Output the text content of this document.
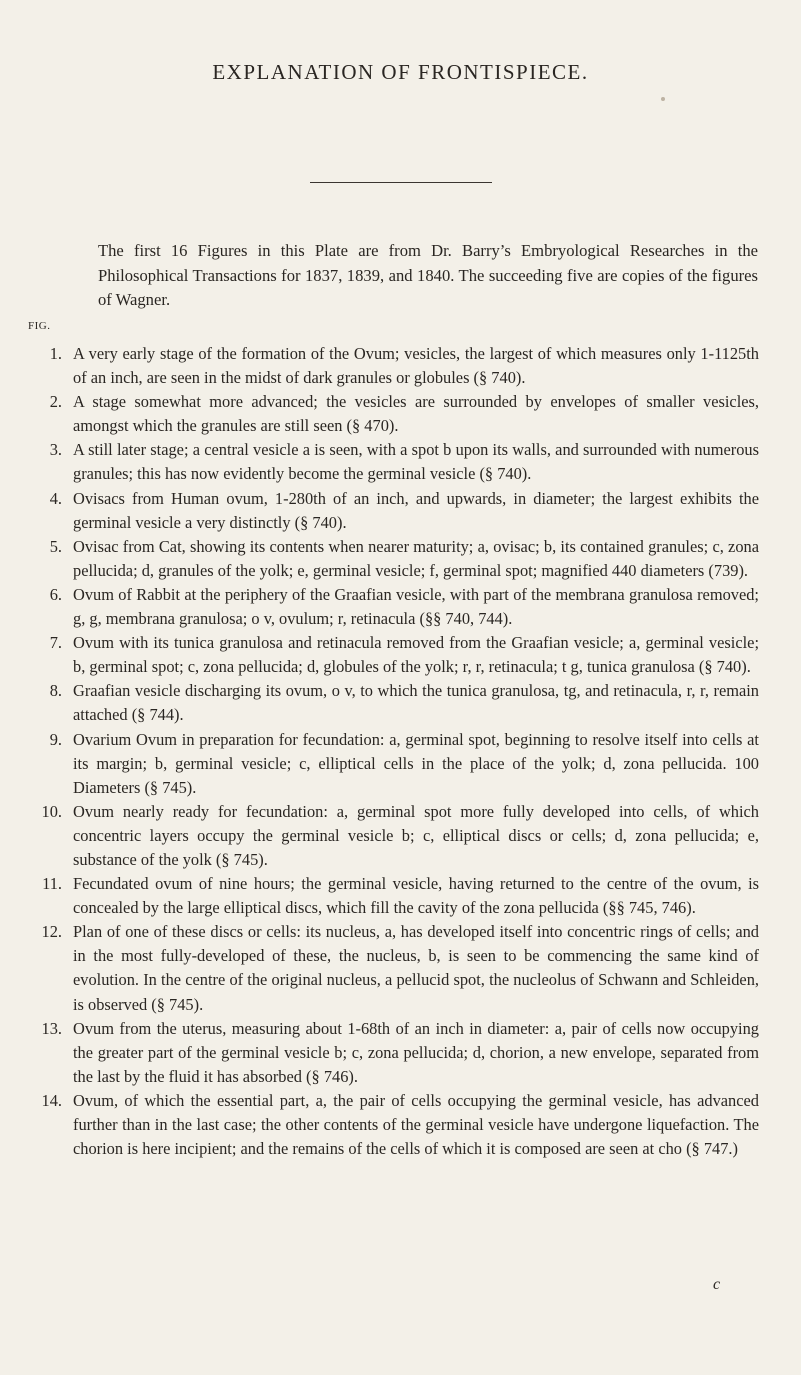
EXPLANATION OF FRONTISPIECE.
The first 16 Figures in this Plate are from Dr. Barry’s Embryological Researches in the Philosophical Transactions for 1837, 1839, and 1840. The succeeding five are copies of the figures of Wagner.
FIG.
1. A very early stage of the formation of the Ovum; vesicles, the largest of which measures only 1-1125th of an inch, are seen in the midst of dark granules or globules (§ 740).
2. A stage somewhat more advanced; the vesicles are surrounded by envelopes of smaller vesicles, amongst which the granules are still seen (§ 470).
3. A still later stage; a central vesicle a is seen, with a spot b upon its walls, and surrounded with numerous granules; this has now evidently become the germinal vesicle (§ 740).
4. Ovisacs from Human ovum, 1-280th of an inch, and upwards, in diameter; the largest exhibits the germinal vesicle a very distinctly (§ 740).
5. Ovisac from Cat, showing its contents when nearer maturity; a, ovisac; b, its contained granules; c, zona pellucida; d, granules of the yolk; e, germinal vesicle; f, germinal spot; magnified 440 diameters (739).
6. Ovum of Rabbit at the periphery of the Graafian vesicle, with part of the membrana granulosa removed; g, g, membrana granulosa; o v, ovulum; r, retinacula (§§ 740, 744).
7. Ovum with its tunica granulosa and retinacula removed from the Graafian vesicle; a, germinal vesicle; b, germinal spot; c, zona pellucida; d, globules of the yolk; r, r, retinacula; t g, tunica granulosa (§ 740).
8. Graafian vesicle discharging its ovum, o v, to which the tunica granulosa, tg, and retinacula, r, r, remain attached (§ 744).
9. Ovarium Ovum in preparation for fecundation: a, germinal spot, beginning to resolve itself into cells at its margin; b, germinal vesicle; c, elliptical cells in the place of the yolk; d, zona pellucida. 100 Diameters (§ 745).
10. Ovum nearly ready for fecundation: a, germinal spot more fully developed into cells, of which concentric layers occupy the germinal vesicle b; c, elliptical discs or cells; d, zona pellucida; e, substance of the yolk (§ 745).
11. Fecundated ovum of nine hours; the germinal vesicle, having returned to the centre of the ovum, is concealed by the large elliptical discs, which fill the cavity of the zona pellucida (§§ 745, 746).
12. Plan of one of these discs or cells: its nucleus, a, has developed itself into concentric rings of cells; and in the most fully-developed of these, the nucleus, b, is seen to be commencing the same kind of evolution. In the centre of the original nucleus, a pellucid spot, the nucleolus of Schwann and Schleiden, is observed (§ 745).
13. Ovum from the uterus, measuring about 1-68th of an inch in diameter: a, pair of cells now occupying the greater part of the germinal vesicle b; c, zona pellucida; d, chorion, a new envelope, separated from the last by the fluid it has absorbed (§ 746).
14. Ovum, of which the essential part, a, the pair of cells occupying the germinal vesicle, has advanced further than in the last case; the other contents of the germinal vesicle have undergone liquefaction. The chorion is here incipient; and the remains of the cells of which it is composed are seen at cho (§ 747.)
c
